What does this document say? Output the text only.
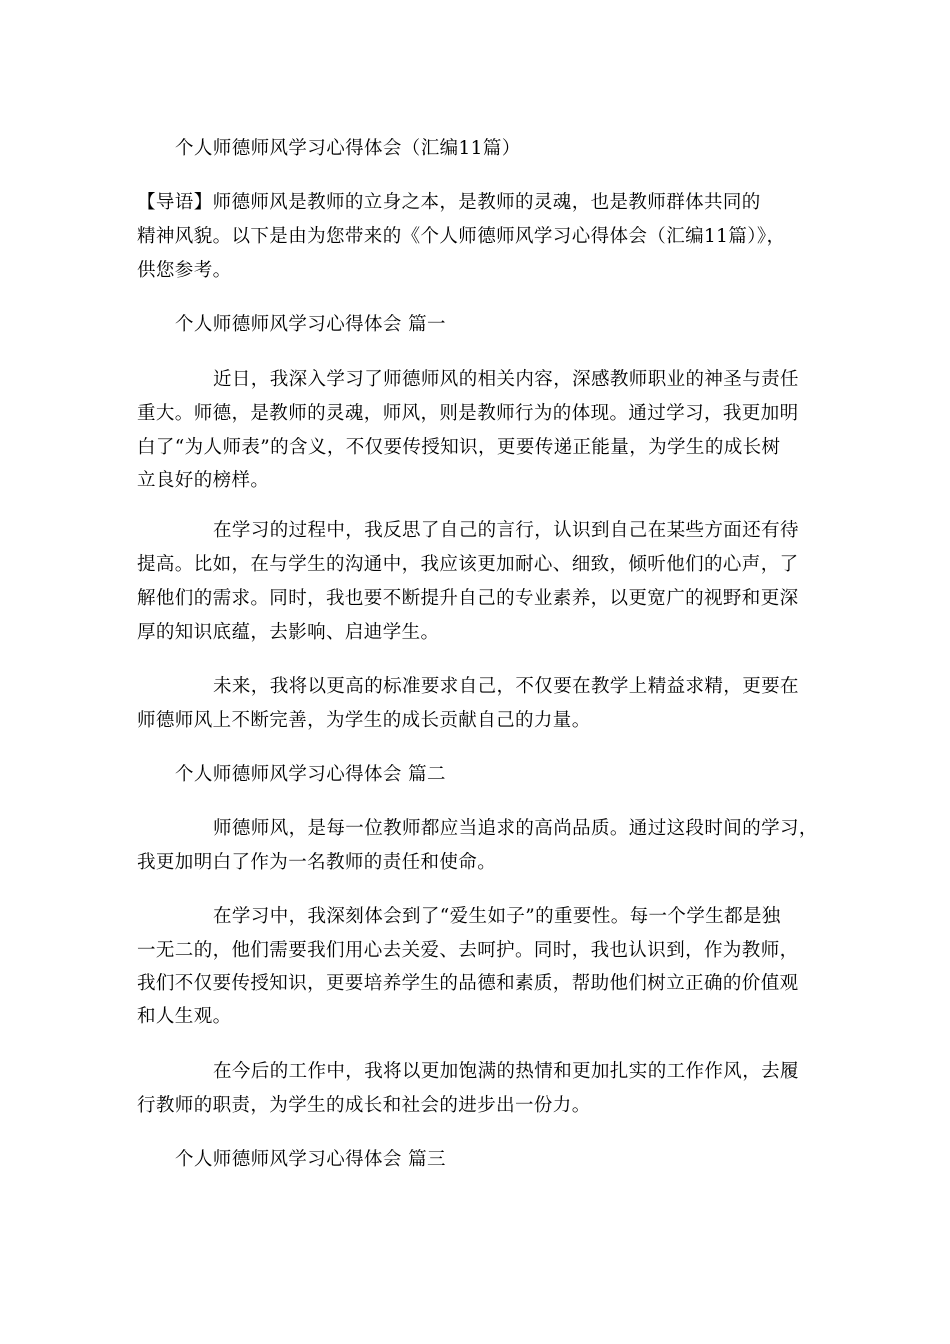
个人师德师风学习心得体会（汇编11篇）

【导语】师德师风是教师的立身之本，是教师的灵魂，也是教师群体共同的

精神风貌。以下是由为您带来的《个人师德师风学习心得体会（汇编11篇）》，

供您参考。

个人师德师风学习心得体会 篇一

近日，我深入学习了师德师风的相关内容，深感教师职业的神圣与责任

重大。师德，是教师的灵魂，师风，则是教师行为的体现。通过学习，我更加明

白了“为人师表”的含义，不仅要传授知识，更要传递正能量，为学生的成长树

立良好的榜样。

在学习的过程中，我反思了自己的言行，认识到自己在某些方面还有待

提高。比如，在与学生的沟通中，我应该更加耐心、细致，倾听他们的心声，了

解他们的需求。同时，我也要不断提升自己的专业素养，以更宽广的视野和更深

厚的知识底蕴，去影响、启迪学生。

未来，我将以更高的标准要求自己，不仅要在教学上精益求精，更要在

师德师风上不断完善，为学生的成长贡献自己的力量。

个人师德师风学习心得体会 篇二

师德师风，是每一位教师都应当追求的高尚品质。通过这段时间的学习，

我更加明白了作为一名教师的责任和使命。

在学习中，我深刻体会到了“爱生如子”的重要性。每一个学生都是独

一无二的，他们需要我们用心去关爱、去呵护。同时，我也认识到，作为教师，

我们不仅要传授知识，更要培养学生的品德和素质，帮助他们树立正确的价值观

和人生观。

在今后的工作中，我将以更加饱满的热情和更加扎实的工作作风，去履

行教师的职责，为学生的成长和社会的进步出一份力。

个人师德师风学习心得体会 篇三
